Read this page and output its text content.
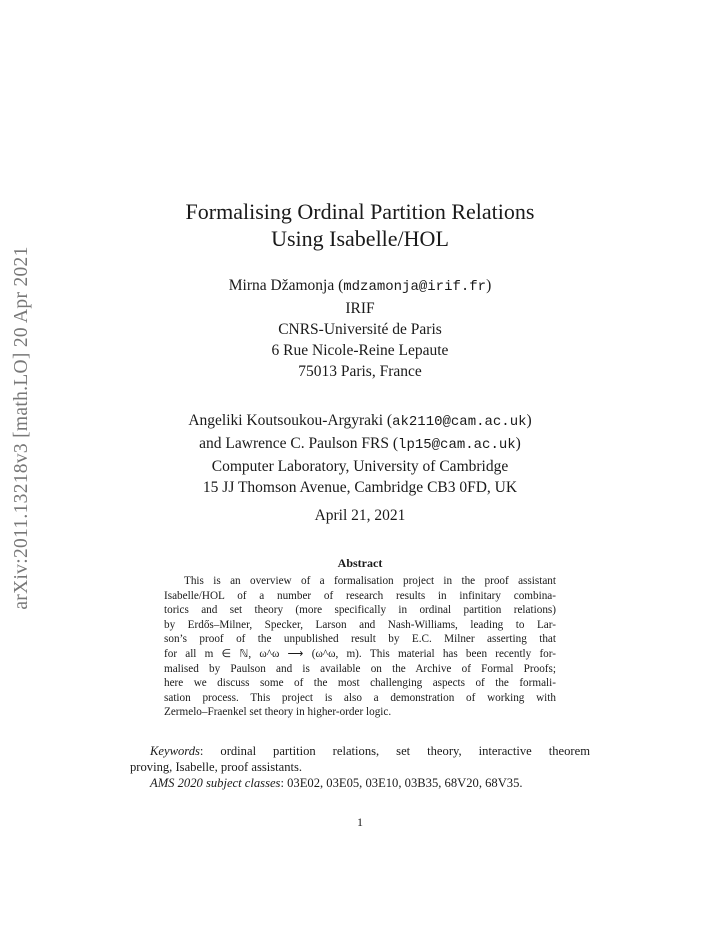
arXiv:2011.13218v3 [math.LO] 20 Apr 2021
Formalising Ordinal Partition Relations
Using Isabelle/HOL
Mirna Džamonja (mdzamonja@irif.fr)
IRIF
CNRS-Université de Paris
6 Rue Nicole-Reine Lepaute
75013 Paris, France
Angeliki Koutsoukou-Argyraki (ak2110@cam.ac.uk)
and Lawrence C. Paulson FRS (lp15@cam.ac.uk)
Computer Laboratory, University of Cambridge
15 JJ Thomson Avenue, Cambridge CB3 0FD, UK
April 21, 2021
Abstract
This is an overview of a formalisation project in the proof assistant
Isabelle/HOL of a number of research results in infinitary combina-
torics and set theory (more specifically in ordinal partition relations)
by Erdős–Milner, Specker, Larson and Nash-Williams, leading to Lar-
son’s proof of the unpublished result by E.C. Milner asserting that
for all m ∈ ℕ, ω^ω ⟶ (ω^ω, m). This material has been recently for-
malised by Paulson and is available on the Archive of Formal Proofs;
here we discuss some of the most challenging aspects of the formali-
sation process. This project is also a demonstration of working with
Zermelo–Fraenkel set theory in higher-order logic.
Keywords: ordinal partition relations, set theory, interactive theorem
proving, Isabelle, proof assistants.
AMS 2020 subject classes: 03E02, 03E05, 03E10, 03B35, 68V20, 68V35.
1
